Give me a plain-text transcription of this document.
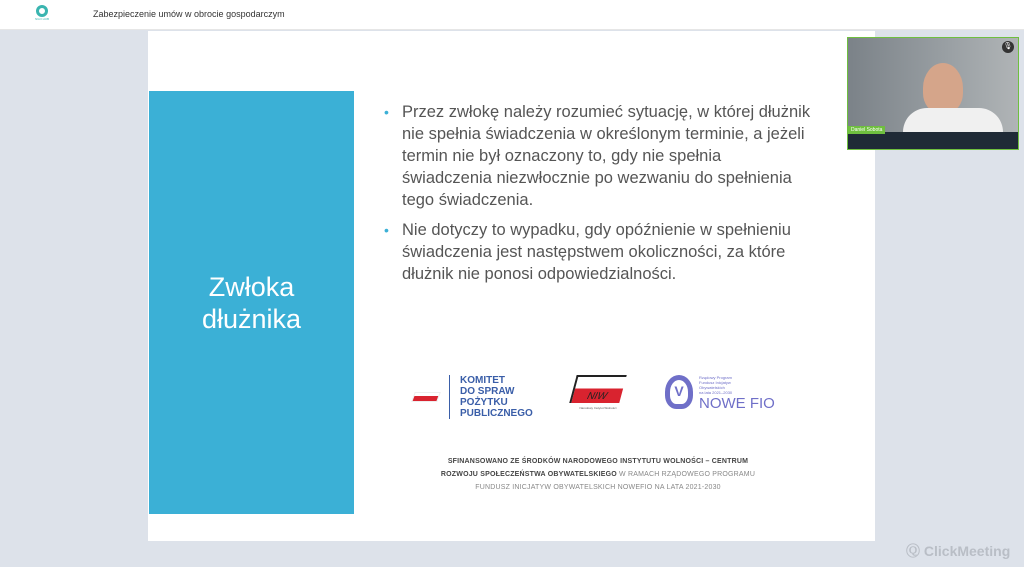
NGO HUB	Zabezpieczenie umów w obrocie gospodarczym
Zwłoka
dłużnika
• Przez zwłokę należy rozumieć sytuację, w której dłużnik nie spełnia świadczenia w określonym terminie, a jeżeli termin nie był oznaczony to, gdy nie spełnia świadczenia niezwłocznie po wezwaniu do spełnienia tego świadczenia.
• Nie dotyczy to wypadku, gdy opóźnienie w spełnieniu świadczenia jest następstwem okoliczności, za które dłużnik nie ponosi odpowiedzialności.
KOMITET
DO SPRAW
POŻYTKU
PUBLICZNEGO
NIW
Narodowy Instytut Wolności
V
Rządowy Program
Fundusz Inicjatyw
Obywatelskich
na lata 2021–2030
NOWE FIO
SFINANSOWANO ZE ŚRODKÓW NARODOWEGO INSTYTUTU WOLNOŚCI – CENTRUM
ROZWOJU SPOŁECZEŃSTWA OBYWATELSKIEGO W RAMACH RZĄDOWEGO PROGRAMU
FUNDUSZ INICJATYW OBYWATELSKICH NOWEFIO NA LATA 2021-2030
🎙
Daniel Sobota
Ⓠ ClickMeeting
